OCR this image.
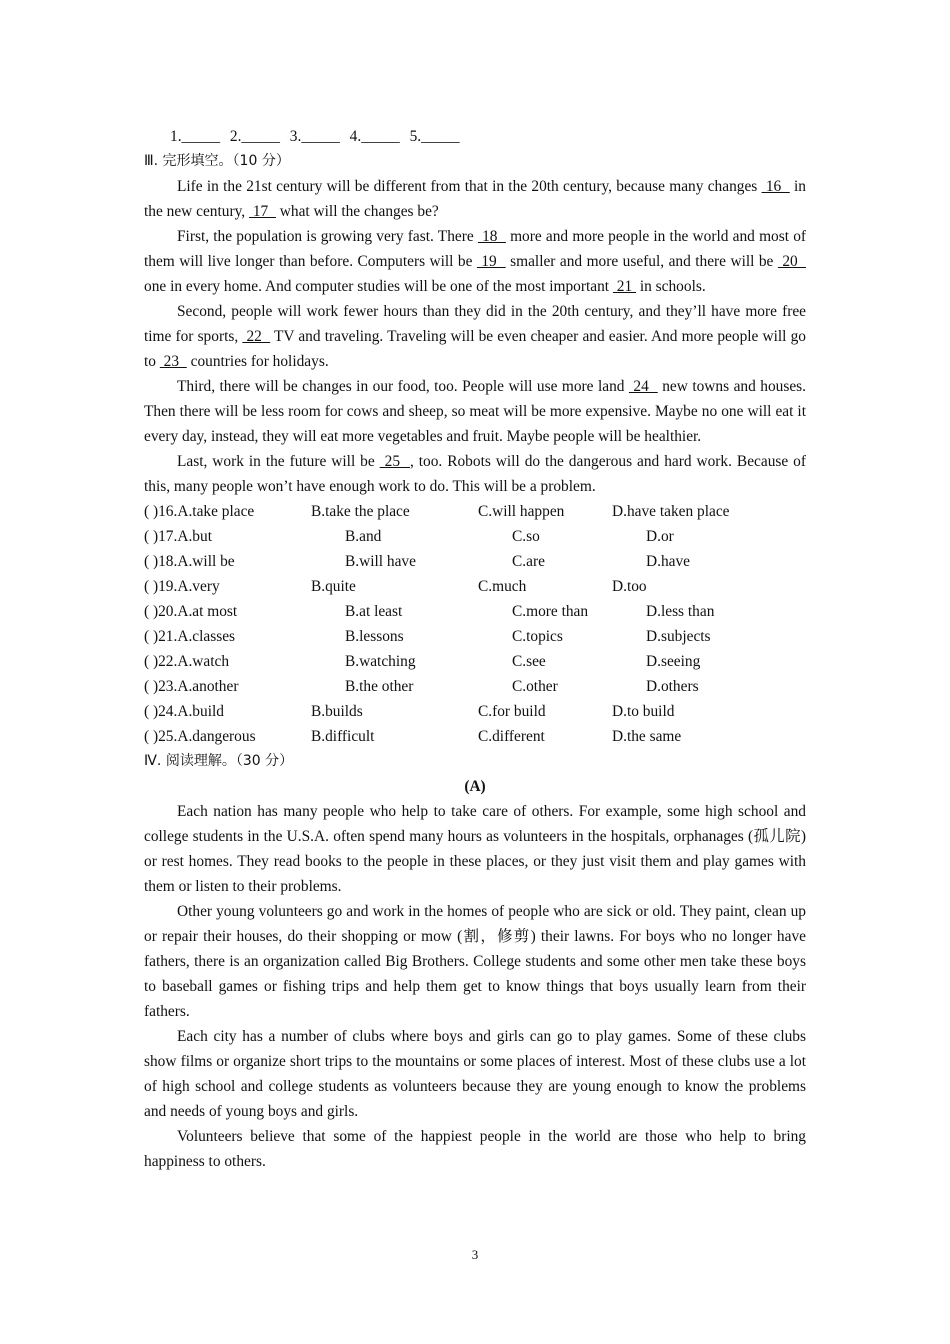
1._____ 2._____ 3._____ 4._____ 5._____
Ⅲ. 完形填空。（10 分）

Life in the 21st century will be different from that in the 20th century, because many changes  16   in the new century,  17   what will the changes be?

First, the population is growing very fast. There  18   more and more people in the world and most of them will live longer than before. Computers will be  19   smaller and more useful, and there will be  20   one in every home. And computer studies will be one of the most important  21  in schools.

Second, people will work fewer hours than they did in the 20th century, and they’ll have more free time for sports,  22   TV and traveling. Traveling will be even cheaper and easier. And more people will go to  23   countries for holidays.

Third, there will be changes in our food, too. People will use more land  24   new towns and houses. Then there will be less room for cows and sheep, so meat will be more expensive. Maybe no one will eat it every day, instead, they will eat more vegetables and fruit. Maybe people will be healthier.

Last, work in the future will be  25  , too. Robots will do the dangerous and hard work. Because of this, many people won’t have enough work to do. This will be a problem.

( )16.A.take place	B.take the place	C.will happen	D.have taken place
( )17.A.but	B.and	C.so	D.or
( )18.A.will be	B.will have	C.are	D.have
( )19.A.very	B.quite	C.much	D.too
( )20.A.at most	B.at least	C.more than	D.less than
( )21.A.classes	B.lessons	C.topics	D.subjects
( )22.A.watch	B.watching	C.see	D.seeing
( )23.A.another	B.the other	C.other	D.others
( )24.A.build	B.builds	C.for build	D.to build
( )25.A.dangerous	B.difficult	C.different	D.the same
Ⅳ. 阅读理解。（30 分）
(A)

Each nation has many people who help to take care of others. For example, some high school and college students in the U.S.A. often spend many hours as volunteers in the hospitals, orphanages (孤儿院) or rest homes. They read books to the people in these places, or they just visit them and play games with them or listen to their problems.

Other young volunteers go and work in the homes of people who are sick or old. They paint, clean up or repair their houses, do their shopping or mow (割，修剪) their lawns. For boys who no longer have fathers, there is an organization called Big Brothers. College students and some other men take these boys to baseball games or fishing trips and help them get to know things that boys usually learn from their fathers.

Each city has a number of clubs where boys and girls can go to play games. Some of these clubs show films or organize short trips to the mountains or some places of interest. Most of these clubs use a lot of high school and college students as volunteers because they are young enough to know the problems and needs of young boys and girls.

Volunteers believe that some of the happiest people in the world are those who help to bring happiness to others.

3
